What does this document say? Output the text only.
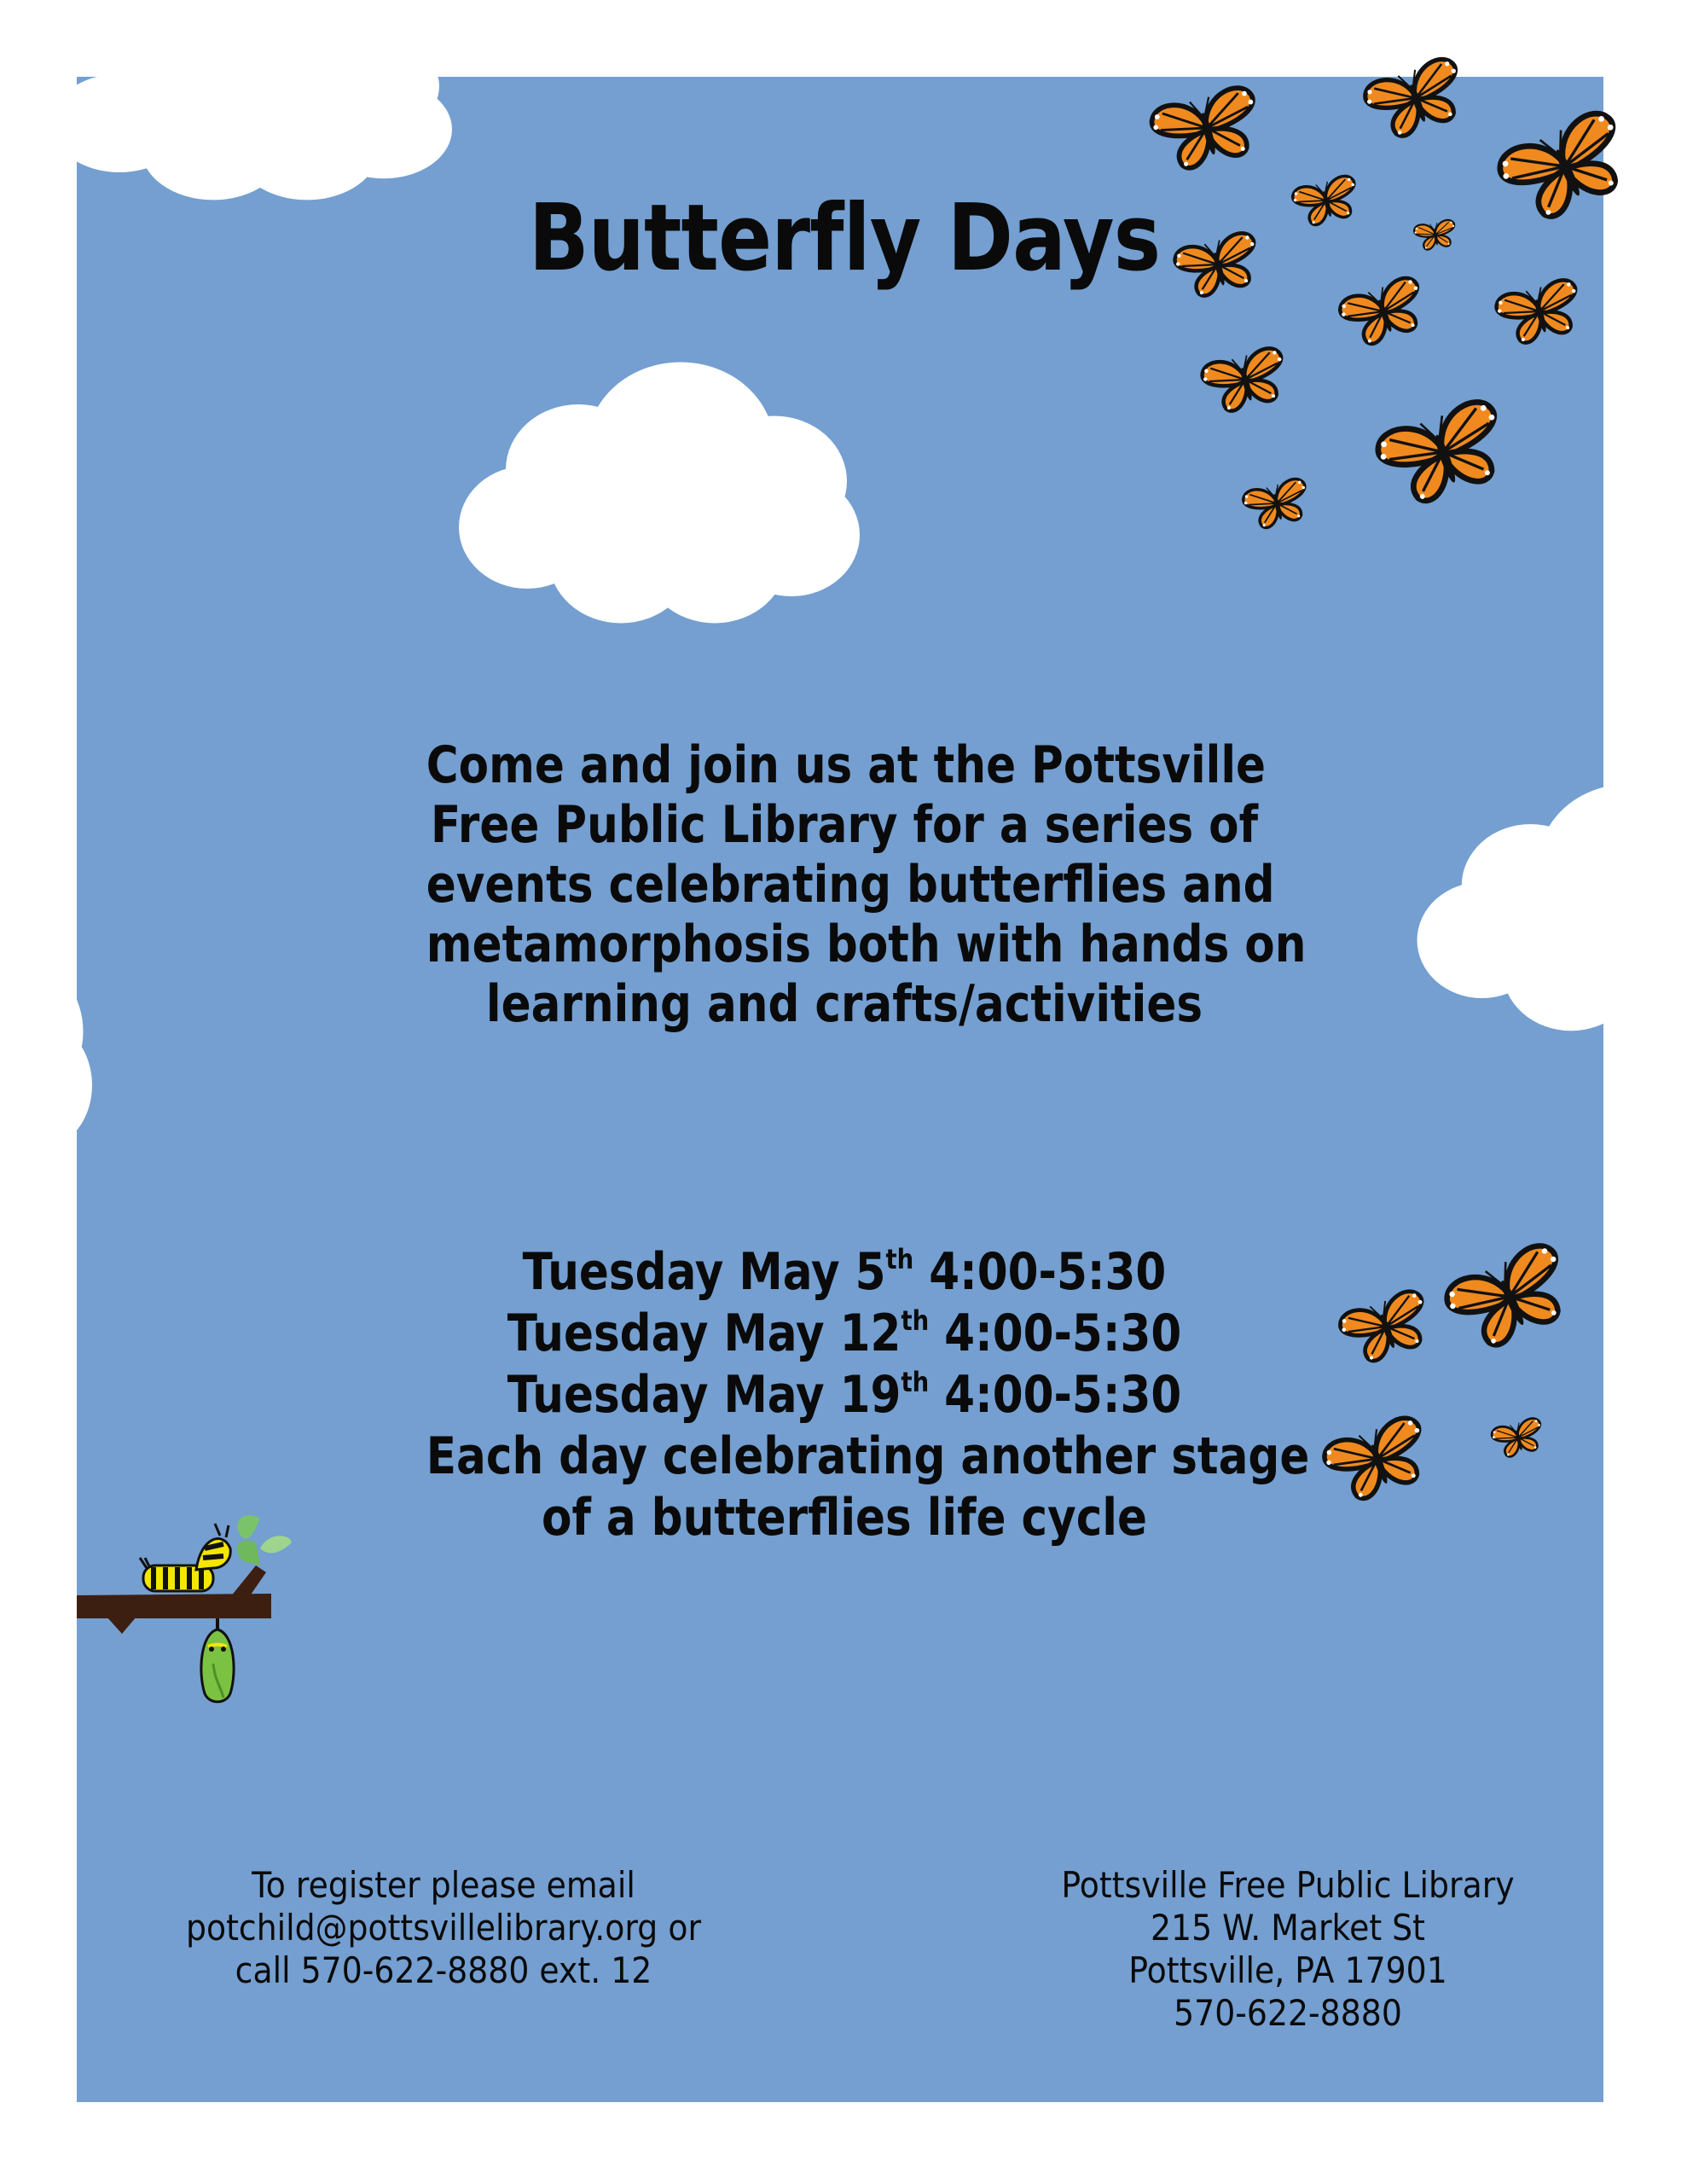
Butterfly Days
Come and join us at the Pottsville
Free Public Library for a series of
events celebrating butterflies and
metamorphosis both with hands on
learning and crafts/activities
Tuesday May 5th 4:00-5:30
Tuesday May 12th 4:00-5:30
Tuesday May 19th 4:00-5:30
Each day celebrating another stage
of a butterflies life cycle
To register please email
potchild@pottsvillelibrary.org or
call 570-622-8880 ext. 12
Pottsville Free Public Library
215 W. Market St
Pottsville, PA 17901
570-622-8880
